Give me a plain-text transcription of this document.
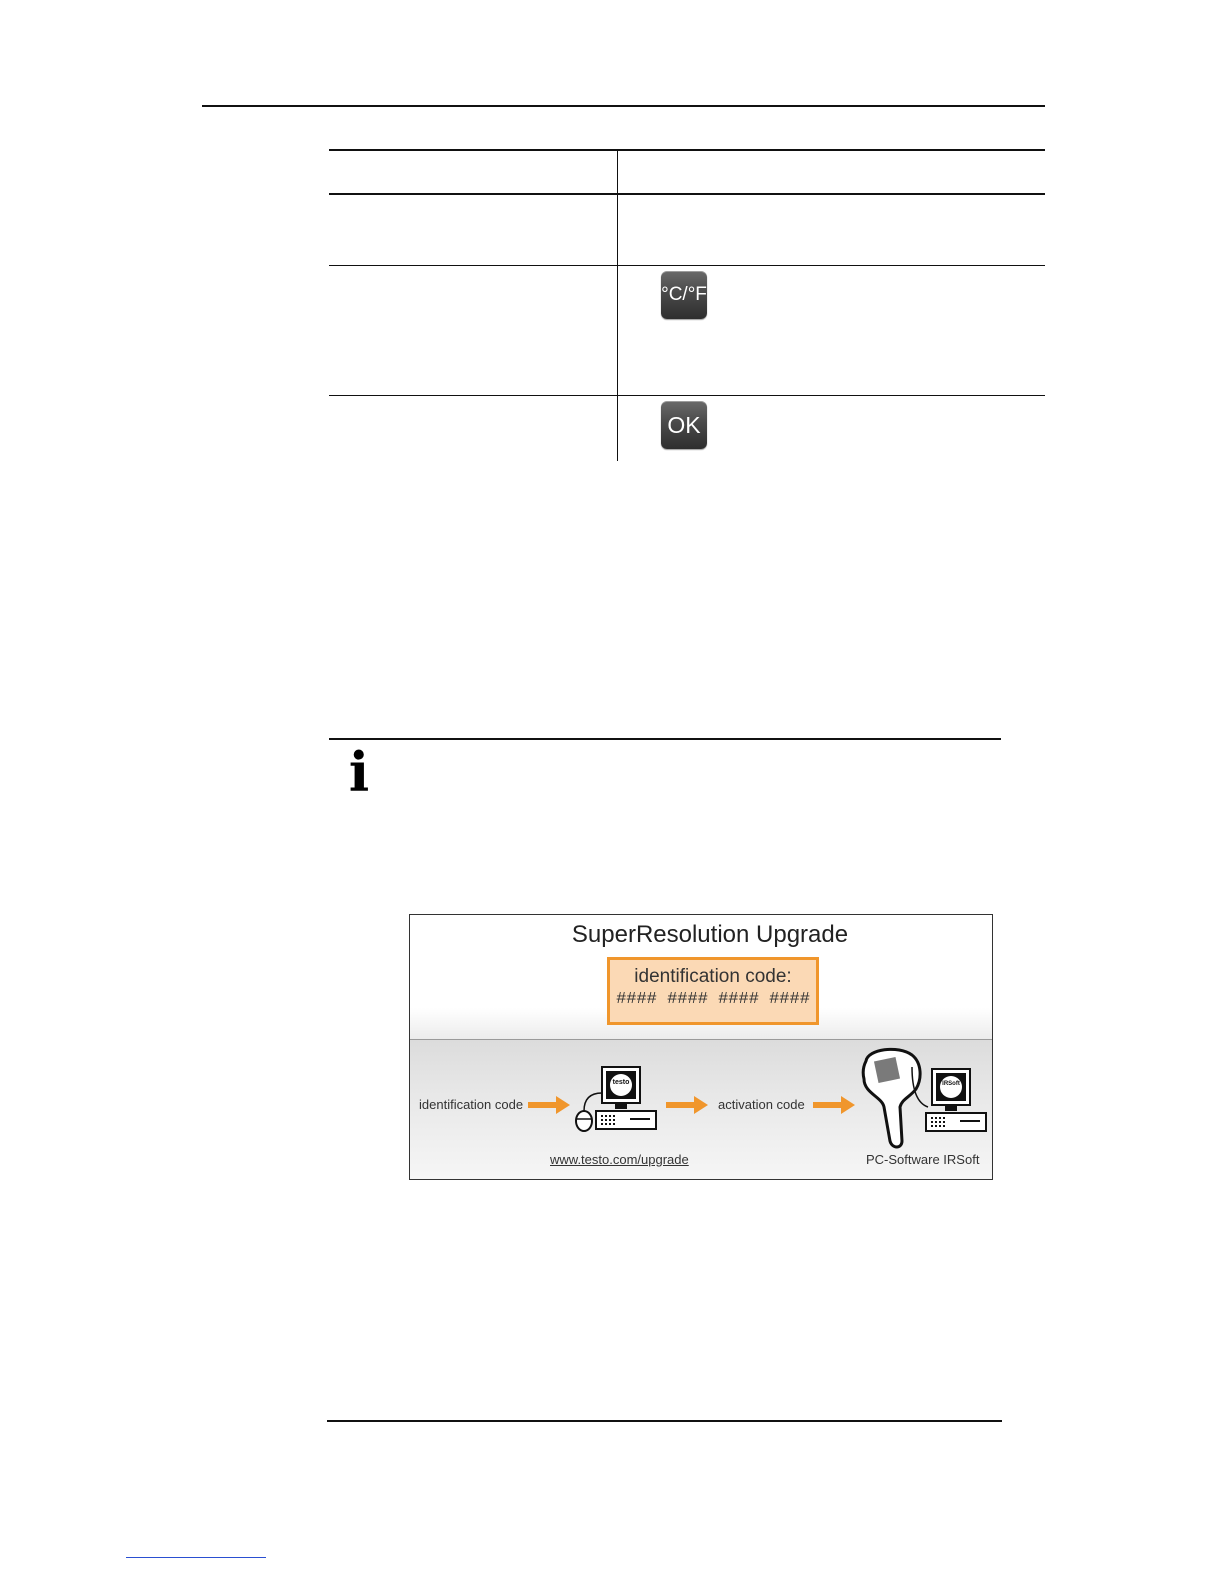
°C/°F
OK
i
SuperResolution Upgrade
identification code:
#### #### #### ####
identification code
testo
activation code
IRSoft
www.testo.com/upgrade	PC-Software IRSoft
